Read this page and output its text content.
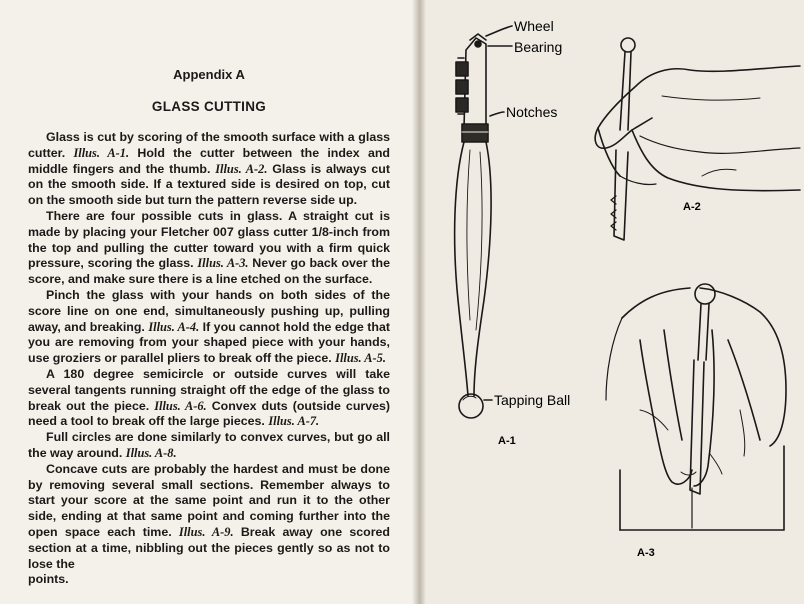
Appendix A
GLASS CUTTING

Glass is cut by scoring of the smooth surface with a glass cutter. Illus. A-1. Hold the cutter between the index and middle fingers and the thumb. Illus. A-2. Glass is always cut on the smooth side. If a textured side is desired on top, cut on the smooth side but turn the pattern reverse side up.

There are four possible cuts in glass. A straight cut is made by placing your Fletcher 007 glass cutter 1/8-inch from the top and pulling the cutter toward you with a firm quick pressure, scoring the glass. Illus. A-3. Never go back over the score, and make sure there is a line etched on the surface.

Pinch the glass with your hands on both sides of the score line on one end, simultaneously pushing up, pulling away, and breaking. Illus. A-4. If you cannot hold the edge that you are removing from your shaped piece with your hands, use groziers or parallel pliers to break off the piece. Illus. A-5.

A 180 degree semicircle or outside curves will take several tangents running straight off the edge of the glass to break out the piece. Illus. A-6. Convex duts (outside curves) need a tool to break off the large pieces. Illus. A-7.

Full circles are done similarly to convex curves, but go all the way around. Illus. A-8.

Concave cuts are probably the hardest and must be done by removing several small sections. Remember always to start your score at the same point and run it to the other side, ending at that same point and coming further into the open space each time. Illus. A-9. Break away one scored section at a time, nibbling out the pieces gently so as not to lose the

points.

Wheel
Bearing
Notches
Tapping Ball
A-1
A-2
A-3
